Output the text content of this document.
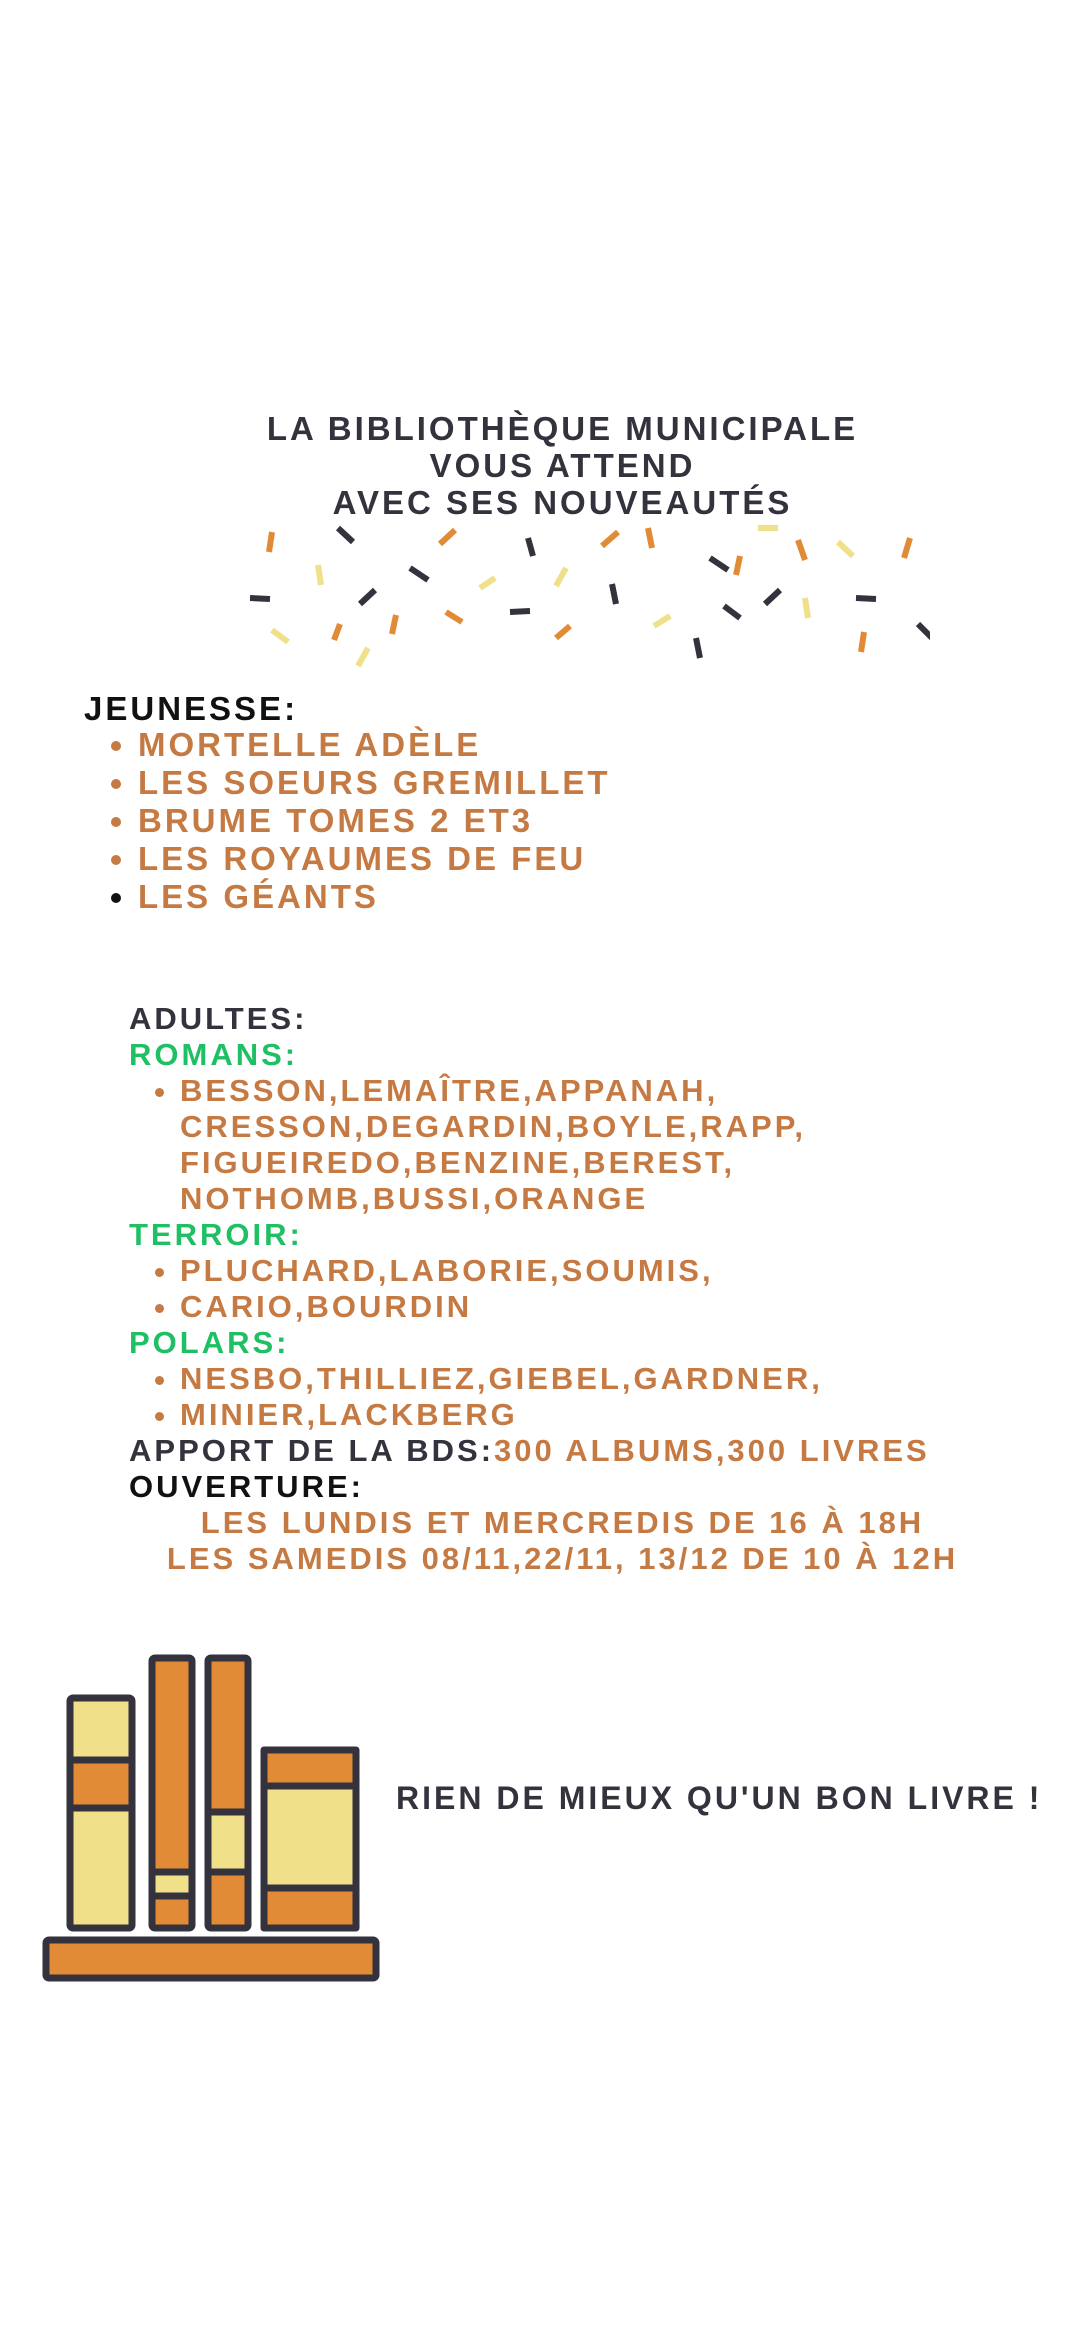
LA BIBLIOTHÈQUE MUNICIPALE
VOUS ATTEND
AVEC SES NOUVEAUTÉS
JEUNESSE:
• MORTELLE ADÈLE
• LES SOEURS GREMILLET
• BRUME TOMES 2 ET3
• LES ROYAUMES DE FEU
• LES GÉANTS
ADULTES:
ROMANS:
• BESSON,LEMAÎTRE,APPANAH,
CRESSON,DEGARDIN,BOYLE,RAPP,
FIGUEIREDO,BENZINE,BEREST,
NOTHOMB,BUSSI,ORANGE
TERROIR:
• PLUCHARD,LABORIE,SOUMIS,
• CARIO,BOURDIN
POLARS:
• NESBO,THILLIEZ,GIEBEL,GARDNER,
• MINIER,LACKBERG
APPORT DE LA BDS:300 ALBUMS,300 LIVRES
OUVERTURE:
LES LUNDIS ET MERCREDIS DE 16 À 18H
LES SAMEDIS 08/11,22/11, 13/12 DE 10 À 12H
RIEN DE MIEUX QU'UN BON LIVRE !
